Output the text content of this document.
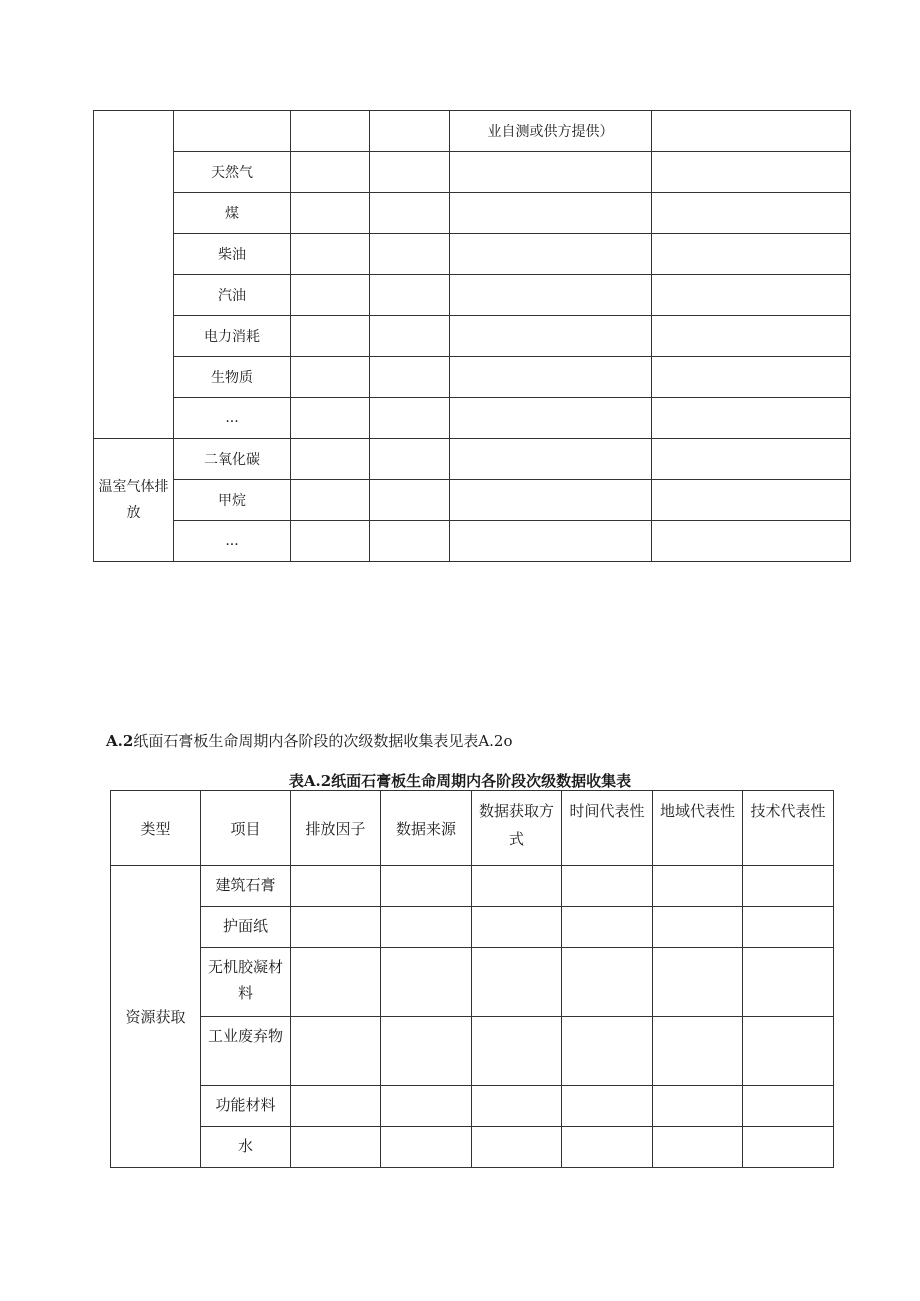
				业自测或供方提供）	
	天然气				
	煤				
	柴油				
	汽油				
	电力消耗				
	生物质				
	...				
温室气体排放	二氧化碳				
	甲烷				
	...				

A.2纸面石膏板生命周期内各阶段的次级数据收集表见表A.2o

表A.2纸面石膏板生命周期内各阶段次级数据收集表

类型	项目	排放因子	数据来源	数据获取方式	时间代表性	地域代表性	技术代表性
资源获取	建筑石膏						
	护面纸						
	无机胶凝材料						
	工业废弃物						
	功能材料						
	水						
